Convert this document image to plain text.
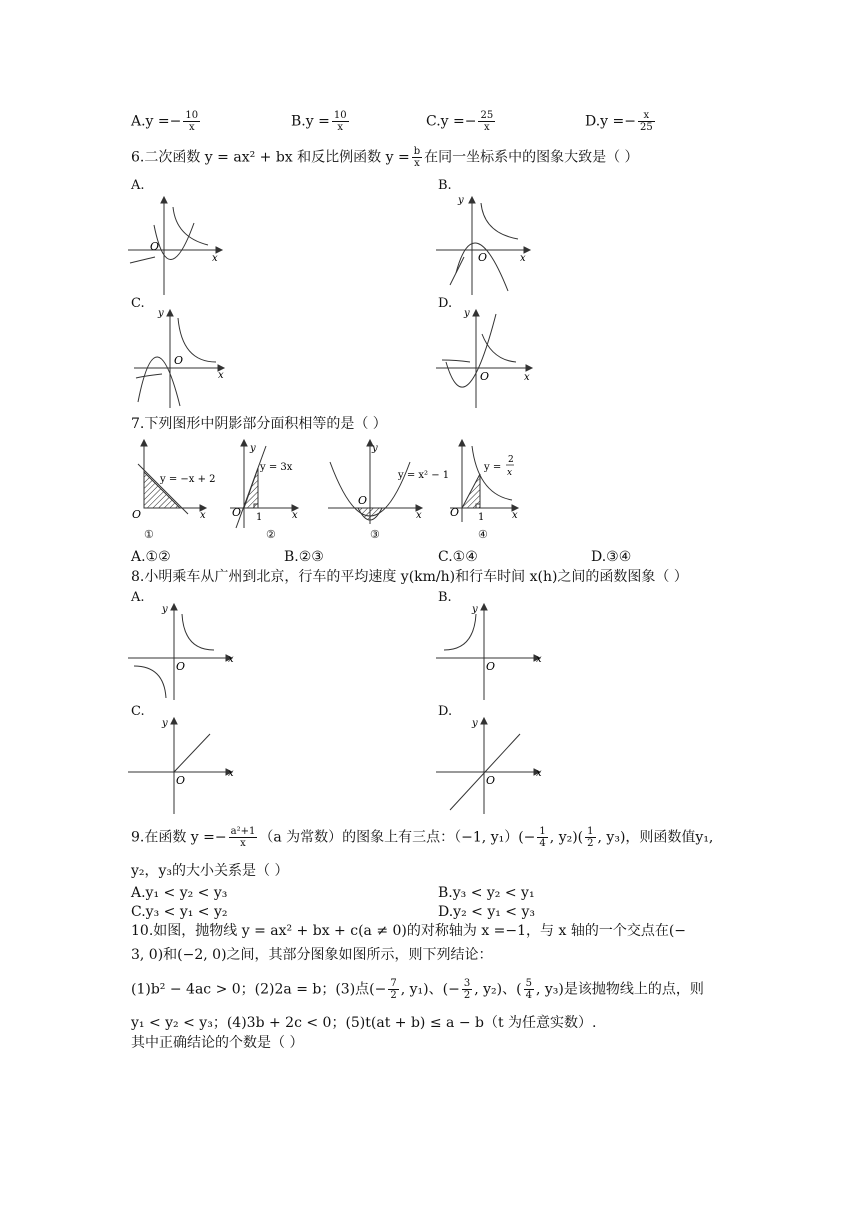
$A.y =- \frac{10}{x}$	$B.y = \frac{10}{x}$	$C.y =- \frac{25}{x}$	$D.y =- \frac{x}{25}$
6.二次函数 y = ax² + bx 和反比例函数 $y = \frac{b}{x}$ 在同一坐标系中的图象大致是（ ）
A.	B.
C.	D.
O
x
y
O	x
y
O
x
y
O	x
7.下列图形中阴影部分面积相等的是（ ）
O	x
y = −x + 2
①
y
O	x
1
y = 3x
②
y
O
x
y = x² − 1
③
O	x
1
y =
2
x
④
A.①②	B.②③	C.①④	D.③④
8.小明乘车从广州到北京，行车的平均速度 y(km/h)和行车时间 x(h)之间的函数图象（ ）
A.	B.
C.	D.
y
O
x
y
O
x
y
O
x
y
O
x
9.在函数 $y =- \frac{\text{a²+1}}{x} (a$ 为常数）的图象上有三点：（−1, $y_1)(- \frac{1}{4}$ , $y_2)( \frac{1}{2}$ , y₃)，则函数值y₁,
y₂，y₃的大小关系是（ ）
A.y₁ < y₂ < y₃	B.y₃ < y₂ < y₁
C.y₃ < y₁ < y₂	D.y₂ < y₁ < y₃
10.如图，抛物线 y = ax² + bx + c(a ≠ 0)的对称轴为 x =−1，与 x 轴的一个交点在(−
3, 0)和(−2, 0)之间，其部分图象如图所示，则下列结论：
(1)b² − 4ac > 0；(2)2a = b；(3)点(− $\frac{7}{2}$ , y₁)、(− $\frac{3}{2}$ , y₂)、( $\frac{5}{4}$ , y₃)是该抛物线上的点，则
y₁ < y₂ < y₃；(4)3b + 2c < 0；(5)t(at + b) ≤ a − b（t 为任意实数）.
其中正确结论的个数是（ ）
